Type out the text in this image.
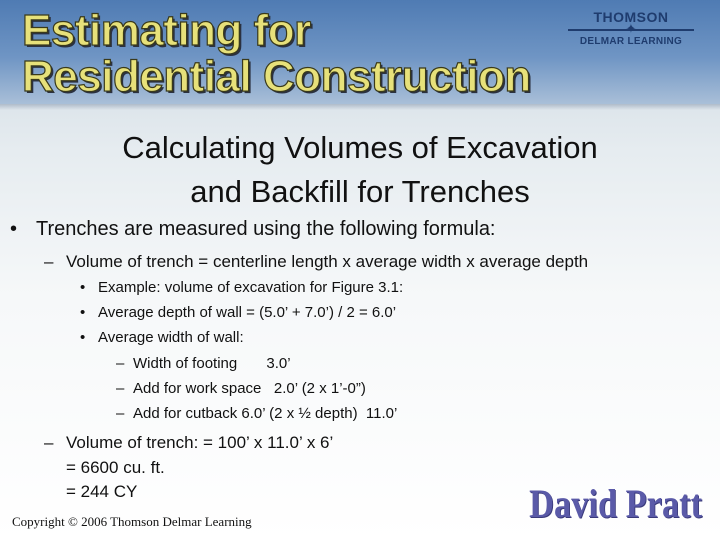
Estimating for
Residential Construction
THOMSON
✦
DELMAR LEARNING
Calculating Volumes of Excavation
and Backfill for Trenches
• Trenches are measured using the following formula:
– Volume of trench = centerline length x average width x average depth
• Example: volume of excavation for Figure 3.1:
• Average depth of wall = (5.0’ + 7.0’) / 2 = 6.0’
• Average width of wall:
– Width of footing       3.0’
– Add for work space   2.0’ (2 x 1’-0”)
– Add for cutback 6.0’ (2 x ½ depth)  11.0’
– Volume of trench: = 100’ x 11.0’ x 6’
= 6600 cu. ft.
= 244 CY
Copyright © 2006 Thomson Delmar Learning	David Pratt
